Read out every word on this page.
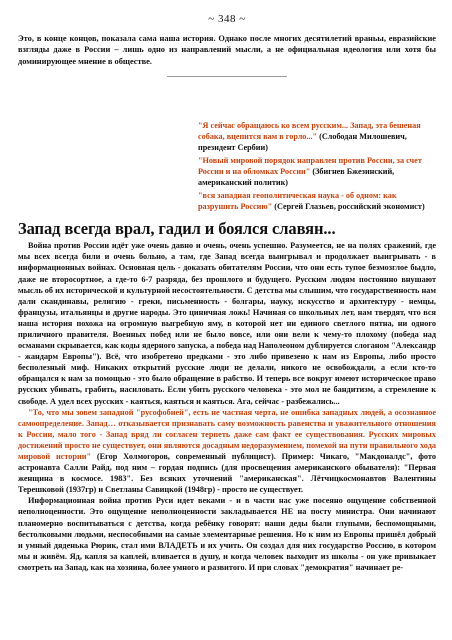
~ 348 ~

Это, в конце концов, показала сама наша история. Однако после многих десятилетий враньы, евразийские взгляды даже в России – лишь одно из направлений мысли, а не официальная идеология или хотя бы доминирующее мнение в обществе.

"Я сейчас обращаюсь ко всем русским... Запад, эта бешеная собака, вцепится вам в горло..." (Слободан Милошевич, президент Сербии)
"Новый мировой порядок направлен против России, за счет России и на обломках России" (Збигнев Бжезинский, американский политик)
"вся западная геополитическая наука - об одном: как разрушить Россию" (Сергей Глазьев, российский экономист)
Запад всегда врал, гадил и боялся славян...

Война против России идёт уже очень давно и очень, очень успешно. Разумеется, не на полях сражений, где мы всех всегда били и очень больно, а там, где Запад всегда выигрывал и продолжает выигрывать - в информационных войнах. Основная цель - доказать обитателям России, что они есть тупое безмозглое быдло, даже не второсортное, а где-то 6-7 разряда, без прошлого и будущего. Русским людям постоянно внушают мысль об их исторической и культурной несостоятельности. С детства мы слышим, что государственность нам дали скандинавы, религию - греки, письменность - болгары, науку, искусство и архитектуру - немцы, французы, итальянцы и другие народы. Это циничная ложь! Начиная со школьных лет, нам твердят, что вся наша история похожа на огромную выгребную яму, в которой нет ни единого светлого пятна, ни одного приличного правителя. Военных побед или не было вовсе, или они вели к чему-то плохому (победа над османами скрывается, как коды ядерного запуска, а победа над Наполеоном дублируется слоганом "Александр - жандарм Европы"). Всё, что изобретено предками - это либо привезено к нам из Европы, либо просто бесполезный миф. Никаких открытий русские люди не делали, никого не освобождали, а если кто-то обращался к нам за помощью - это было обращение в рабство. И теперь все вокруг имеют историческое право русских убивать, грабить, насиловать. Если убить русского человека - это мол не бандитизм, а стремление к свободе. А удел всех русских - каяться, каяться и каяться. Ага, сейчас - разбежались...

"То, что мы зовем западной "русофобией", есть не частная черта, не ошибка западных людей, а осознанное самоопределение. Запад… отказывается признавать саму возможность равенства и уважительного отношения к России, мало того - Запад вряд ли согласен терпеть даже сам факт ее существования. Русских мировых достижений просто не существует, они являются досадным недоразумением, помехой на пути правильного хода мировой истории" (Егор Холмогоров, современный публицист). Пример: Чикаго, "Макдоналдс", фото астронавта Салли Райд, под ним – гордая подпись (для просвещения американского обывателя): "Первая женщина в космосе. 1983". Без всяких уточнений "американская". Лётчицкосмонавтов Валентины Терешковой (1937гр) и Светланы Савицкой (1948гр) - просто не существует.

Информационная война против Руси идет веками - и в части нас уже посеяно ощущение собственной неполноценности. Это ощущение неполноценности закладывается НЕ на посту министра. Они начинают планомерно воспитываться с детства, когда ребёнку говорят: наши деды были глупыми, беспомощными, бестолковыми людьми, неспособными на самые элементарные решения. Но к ним из Европы пришёл добрый и умный дяденька Рюрик, стал ими ВЛАДЕТЬ и их учить. Он создал для них государство Россию, в котором мы и живём. Яд, капля за каплей, вливается в душу, и когда человек выходит из школы - он уже привыкает смотреть на Запад, как на хозяина, более умного и развитого. И при словах "демократия" начинает ре-
